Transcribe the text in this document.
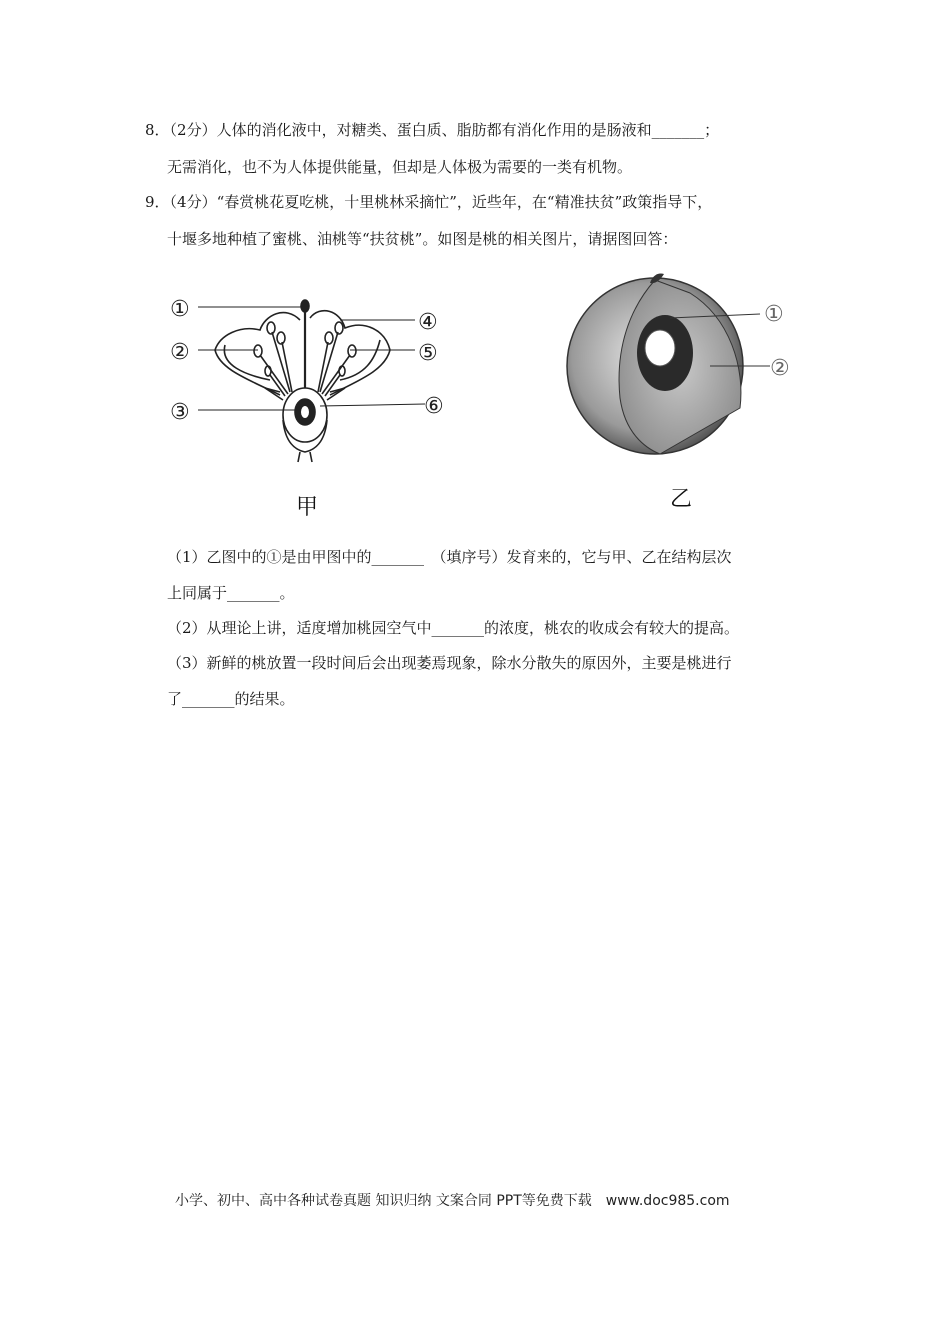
8．（2分）人体的消化液中，对糖类、蛋白质、脂肪都有消化作用的是肠液和_______；
无需消化，也不为人体提供能量，但却是人体极为需要的一类有机物。
9．（4分）“春赏桃花夏吃桃，十里桃林采摘忙”，近些年，在“精准扶贫”政策指导下，
十堰多地种植了蜜桃、油桃等“扶贫桃”。如图是桃的相关图片，请据图回答：
①
②
③
④
⑤
⑥
甲
①
②
乙
（1）乙图中的①是由甲图中的_______　（填序号）发育来的，它与甲、乙在结构层次
上同属于_______。
（2）从理论上讲，适度增加桃园空气中_______的浓度，桃农的收成会有较大的提高。
（3）新鲜的桃放置一段时间后会出现萎焉现象，除水分散失的原因外，主要是桃进行
了_______的结果。
小学、初中、高中各种试卷真题 知识归纳 文案合同 PPT等免费下载　www.doc985.com
